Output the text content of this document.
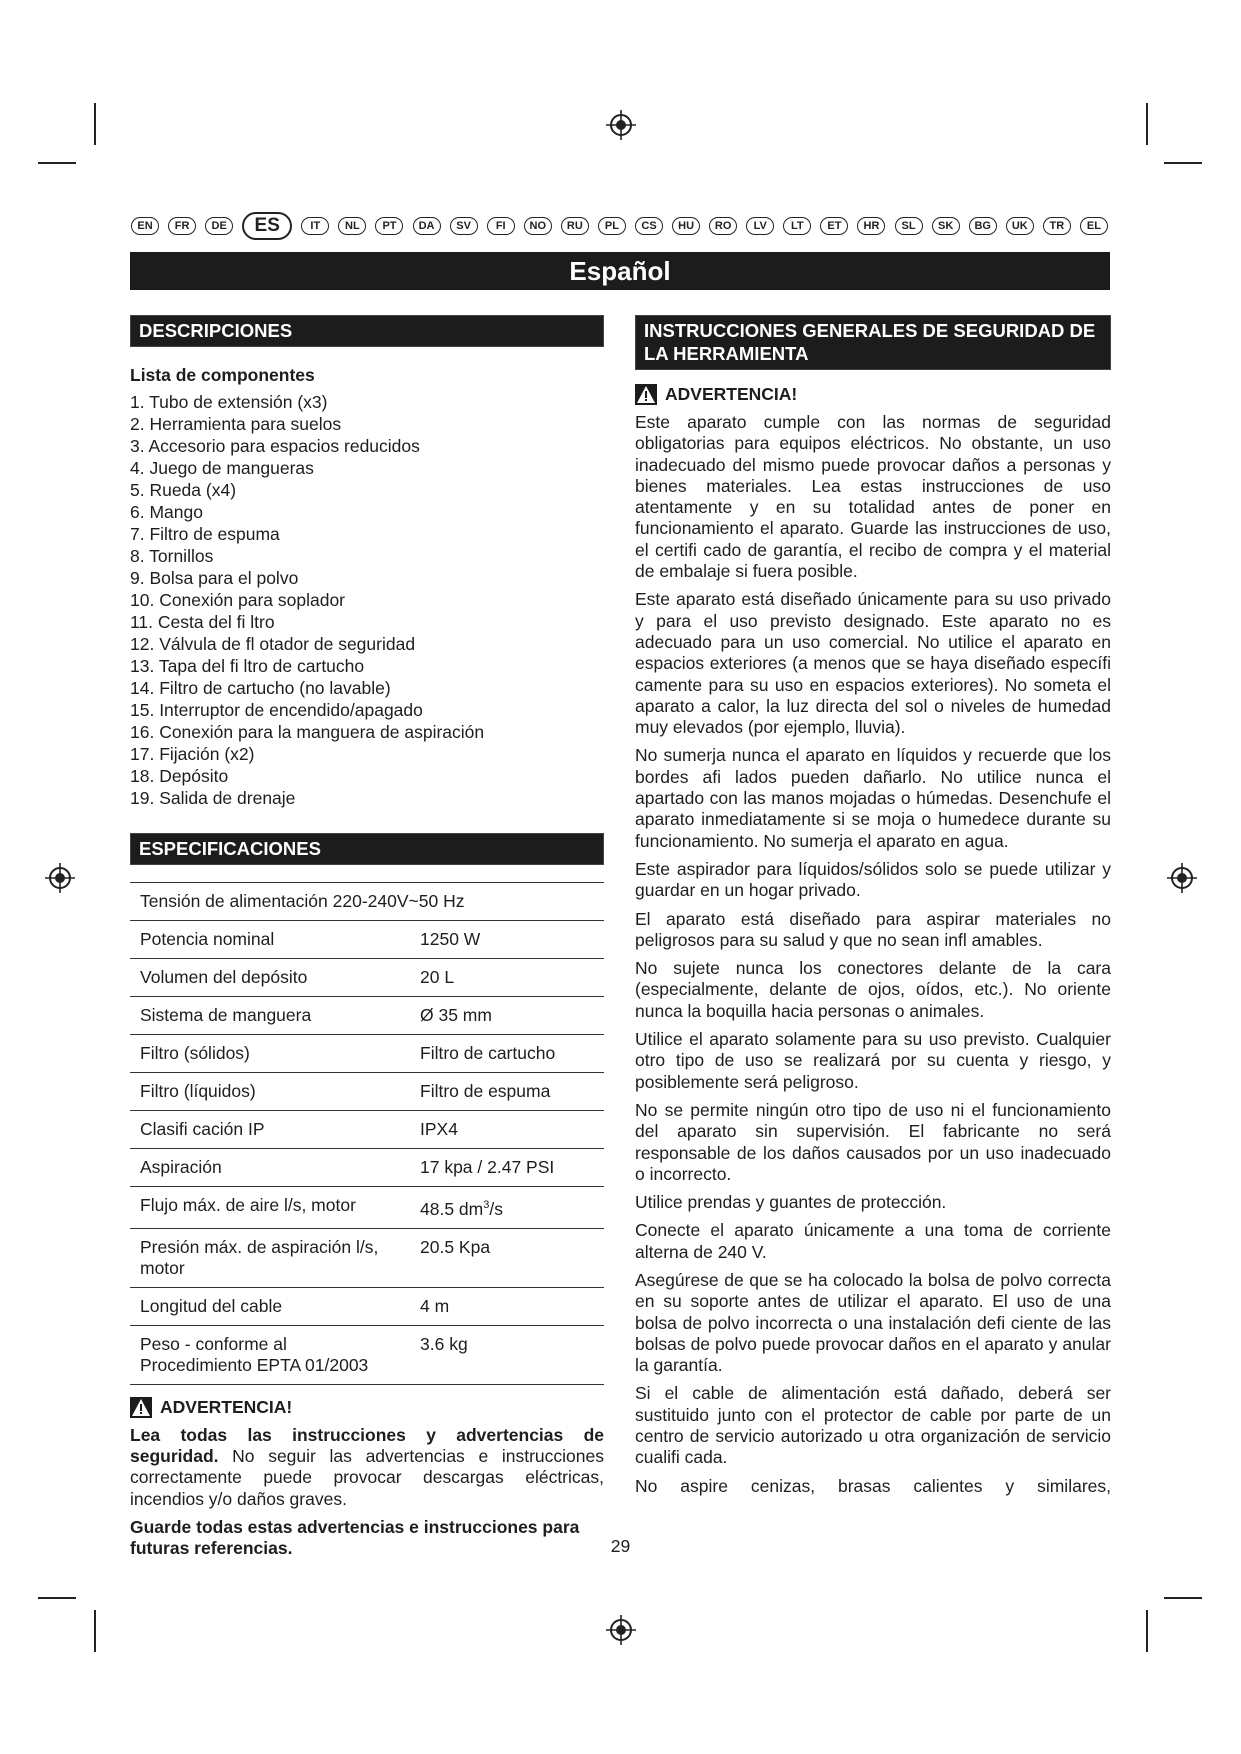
EN	FR	DE	ES	IT	NL	PT	DA	SV	FI	NO	RU	PL	CS	HU	RO	LV	LT	ET	HR	SL	SK	BG	UK	TR	EL
Español
DESCRIPCIONES
Lista de componentes
1. Tubo de extensión (x3)
2. Herramienta para suelos
3. Accesorio para espacios reducidos
4. Juego de mangueras
5. Rueda (x4)
6. Mango
7. Filtro de espuma
8. Tornillos
9. Bolsa para el polvo
10. Conexión para soplador
11. Cesta del fi ltro
12. Válvula de fl otador de seguridad
13. Tapa del fi ltro de cartucho
14. Filtro de cartucho (no lavable)
15. Interruptor de encendido/apagado
16. Conexión para la manguera de aspiración
17. Fijación (x2)
18. Depósito
19. Salida de drenaje
ESPECIFICACIONES
Tensión de alimentación 220-240V~50 Hz	
Potencia nominal	1250 W
Volumen del depósito	20 L
Sistema de manguera	Ø 35 mm
Filtro (sólidos)	Filtro de cartucho
Filtro (líquidos)	Filtro de espuma
Clasifi cación IP	IPX4
Aspiración	17 kpa / 2.47 PSI
Flujo máx. de aire l/s, motor	48.5 $dm^3/s$
Presión máx. de aspiración l/s, motor	20.5 Kpa
Longitud del cable	4 m
Peso - conforme al Procedimiento EPTA 01/2003	3.6 kg
ADVERTENCIA!

Lea todas las instrucciones y advertencias de seguridad. No seguir las advertencias e instrucciones correctamente puede provocar descargas eléctricas, incendios y/o daños graves.

Guarde todas estas advertencias e instrucciones para futuras referencias.

INSTRUCCIONES GENERALES DE SEGURIDAD DE LA HERRAMIENTA
ADVERTENCIA!

Este aparato cumple con las normas de seguridad obligatorias para equipos eléctricos. No obstante, un uso inadecuado del mismo puede provocar daños a personas y bienes materiales. Lea estas instrucciones de uso atentamente y en su totalidad antes de poner en funcionamiento el aparato. Guarde las instrucciones de uso, el certifi cado de garantía, el recibo de compra y el material de embalaje si fuera posible.

Este aparato está diseñado únicamente para su uso privado y para el uso previsto designado. Este aparato no es adecuado para un uso comercial. No utilice el aparato en espacios exteriores (a menos que se haya diseñado específi camente para su uso en espacios exteriores). No someta el aparato a calor, la luz directa del sol o niveles de humedad muy elevados (por ejemplo, lluvia).

No sumerja nunca el aparato en líquidos y recuerde que los bordes afi lados pueden dañarlo. No utilice nunca el apartado con las manos mojadas o húmedas. Desenchufe el aparato inmediatamente si se moja o humedece durante su funcionamiento. No sumerja el aparato en agua.

Este aspirador para líquidos/sólidos solo se puede utilizar y guardar en un hogar privado.

El aparato está diseñado para aspirar materiales no peligrosos para su salud y que no sean infl amables.

No sujete nunca los conectores delante de la cara (especialmente, delante de ojos, oídos, etc.). No oriente nunca la boquilla hacia personas o animales.

Utilice el aparato solamente para su uso previsto. Cualquier otro tipo de uso se realizará por su cuenta y riesgo, y posiblemente será peligroso.

No se permite ningún otro tipo de uso ni el funcionamiento del aparato sin supervisión. El fabricante no será responsable de los daños causados por un uso inadecuado o incorrecto.

Utilice prendas y guantes de protección.

Conecte el aparato únicamente a una toma de corriente alterna de 240 V.

Asegúrese de que se ha colocado la bolsa de polvo correcta en su soporte antes de utilizar el aparato. El uso de una bolsa de polvo incorrecta o una instalación defi ciente de las bolsas de polvo puede provocar daños en el aparato y anular la garantía.

Si el cable de alimentación está dañado, deberá ser sustituido junto con el protector de cable por parte de un centro de servicio autorizado u otra organización de servicio cualifi cada.

No aspire cenizas, brasas calientes y similares,

29
